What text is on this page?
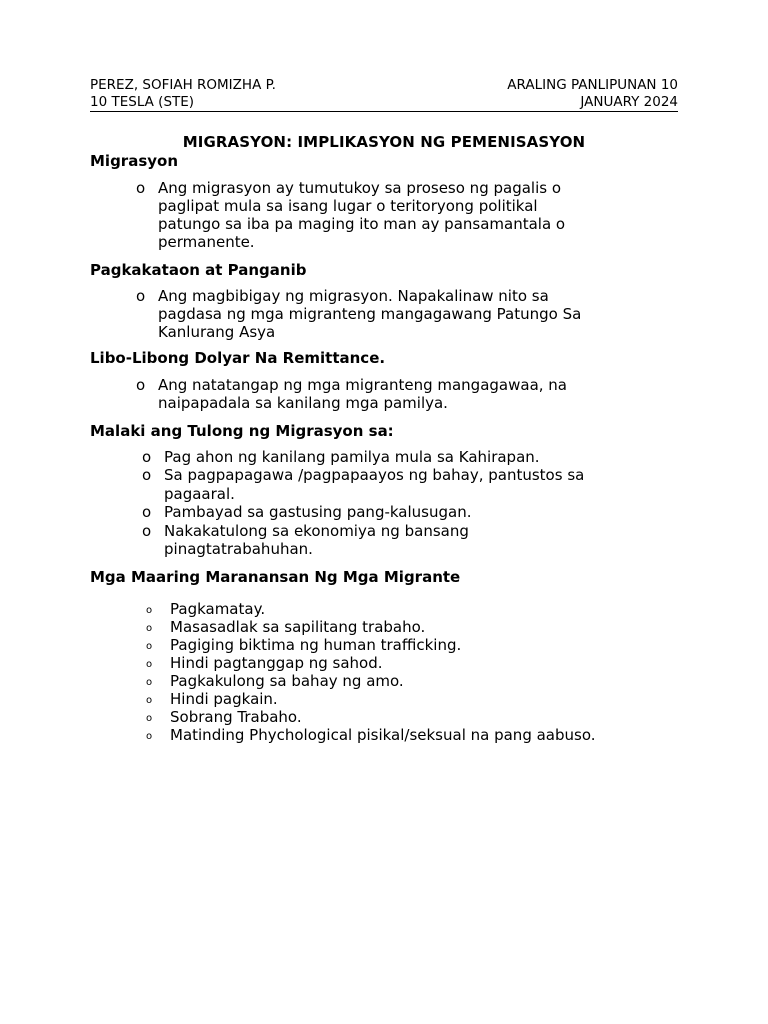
PEREZ, SOFIAH ROMIZHA P.	ARALING PANLIPUNAN 10
10 TESLA (STE)	JANUARY 2024
MIGRASYON: IMPLIKASYON NG PEMENISASYON
Migrasyon
o Ang migrasyon ay tumutukoy sa proseso ng pagalis o
paglipat mula sa isang lugar o teritoryong politikal
patungo sa iba pa maging ito man ay pansamantala o
permanente.
Pagkakataon at Panganib
o Ang magbibigay ng migrasyon. Napakalinaw nito sa
pagdasa ng mga migranteng mangagawang Patungo Sa
Kanlurang Asya
Libo-Libong Dolyar Na Remittance.
o Ang natatangap ng mga migranteng mangagawaa, na
naipapadala sa kanilang mga pamilya.
Malaki ang Tulong ng Migrasyon sa:
o Pag ahon ng kanilang pamilya mula sa Kahirapan.
o Sa pagpapagawa /pagpapaayos ng bahay, pantustos sa
pagaaral.
o Pambayad sa gastusing pang-kalusugan.
o Nakakatulong sa ekonomiya ng bansang
pinagtatrabahuhan.
Mga Maaring Maranansan Ng Mga Migrante
o Pagkamatay.
o Masasadlak sa sapilitang trabaho.
o Pagiging biktima ng human trafficking.
o Hindi pagtanggap ng sahod.
o Pagkakulong sa bahay ng amo.
o Hindi pagkain.
o Sobrang Trabaho.
o Matinding Phychological pisikal/seksual na pang aabuso.
